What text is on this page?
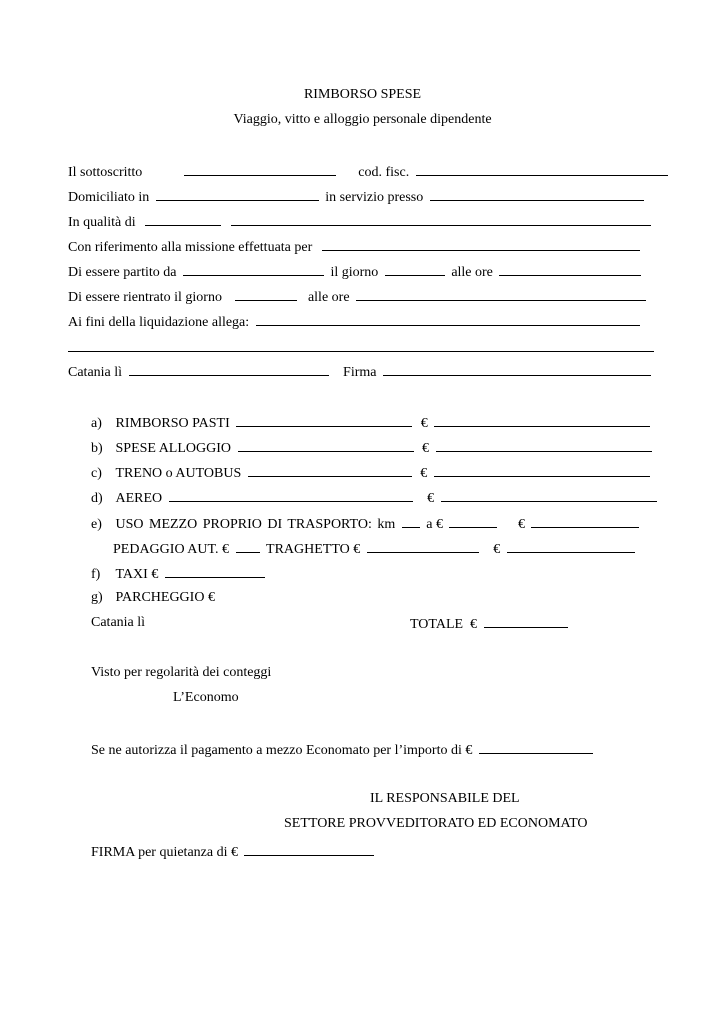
RIMBORSO SPESE
Viaggio, vitto e alloggio personale dipendente
Il sottoscritto	cod. fisc.
Domiciliato in	in servizio presso
In qualità di
Con riferimento alla missione effettuata per
Di essere partito da	il giorno	alle ore
Di essere rientrato il giorno	alle ore
Ai fini della liquidazione allega:
Catania lì	Firma
a) RIMBORSO PASTI	€
b) SPESE ALLOGGIO	€
c) TRENO o AUTOBUS	€
d) AEREO	€
e) USO MEZZO PROPRIO DI TRASPORTO: km a €	€
PEDAGGIO AUT. €	TRAGHETTO €	€
f) TAXI €
g) PARCHEGGIO €
Catania lì	TOTALE  €
Visto per regolarità dei conteggi
L’Economo
Se ne autorizza il pagamento a mezzo Economato per l’importo di €
IL RESPONSABILE DEL
SETTORE PROVVEDITORATO ED ECONOMATO
FIRMA per quietanza di €
